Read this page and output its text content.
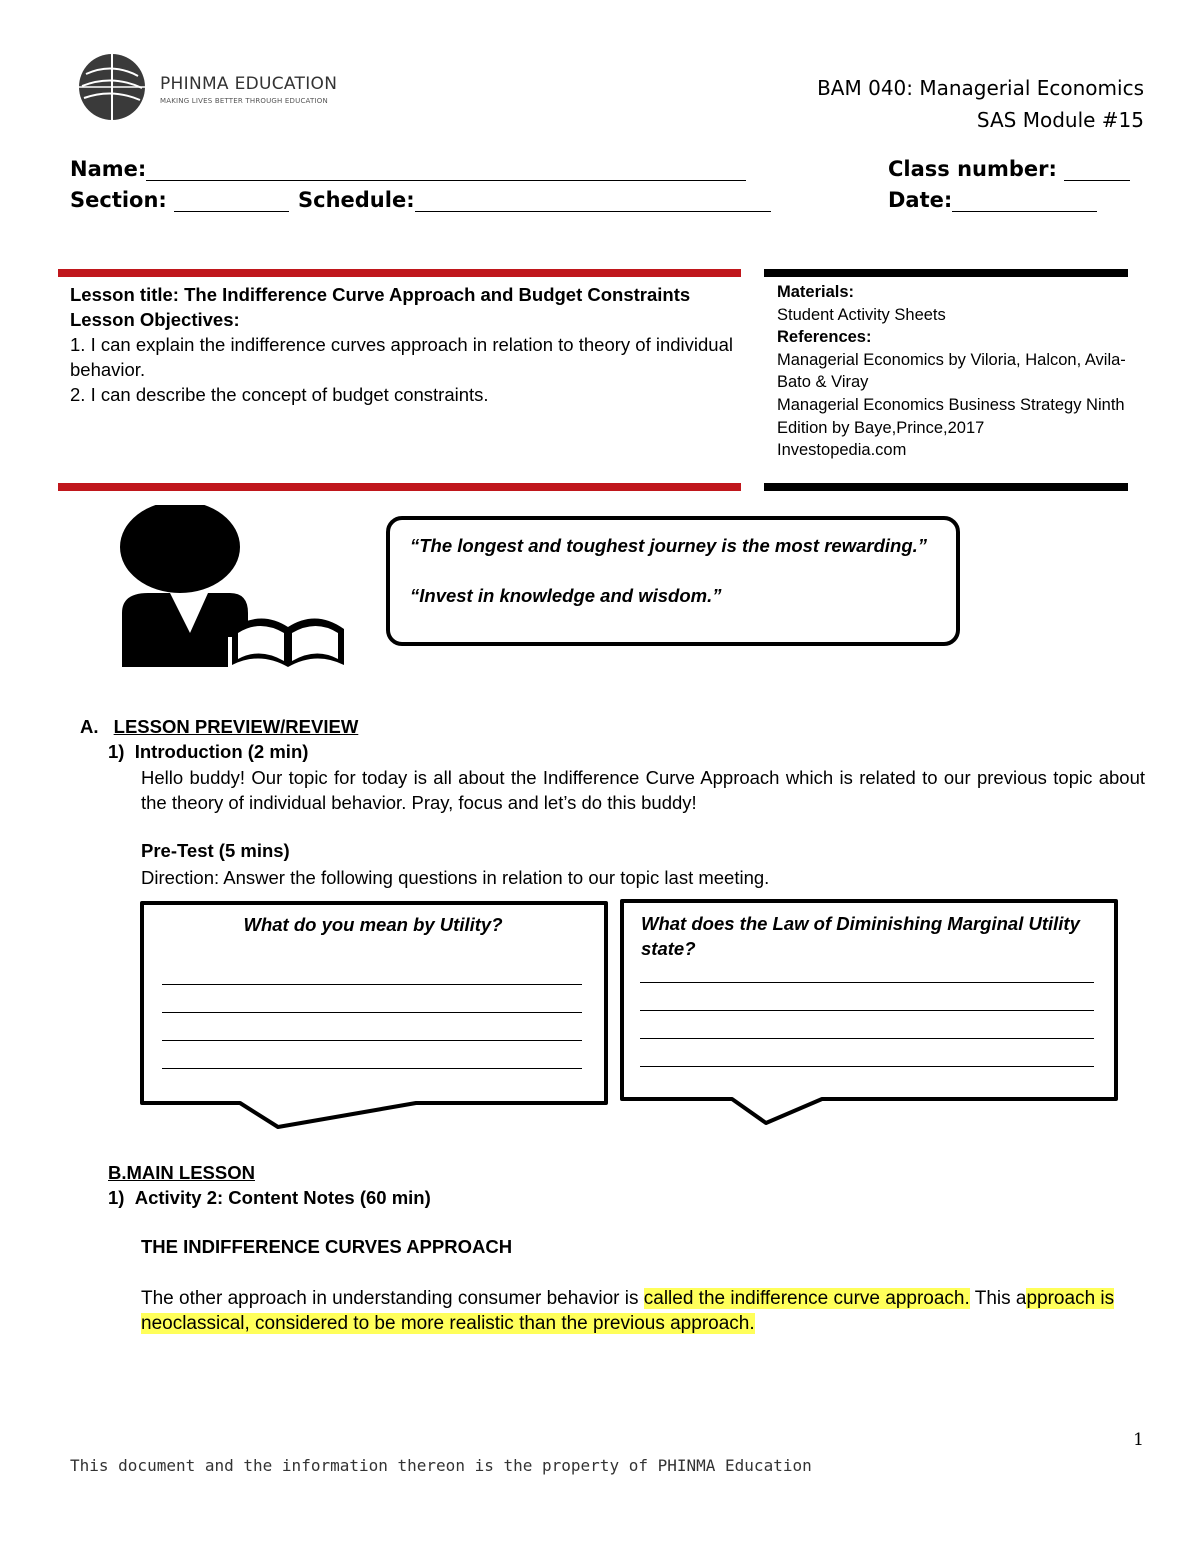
PHINMA EDUCATION
MAKING LIVES BETTER THROUGH EDUCATION
BAM 040: Managerial Economics
SAS Module #15
Name:	Class number:
Section:	Schedule:	Date:
Lesson title: The Indifference Curve Approach and Budget Constraints
Lesson Objectives:
1. I can explain the indifference curves approach in relation to theory of individual behavior.
2. I can describe the concept of budget constraints.
Materials:
Student Activity Sheets
References:
Managerial Economics by Viloria, Halcon, Avila-Bato & Viray
Managerial Economics Business Strategy Ninth Edition by Baye,Prince,2017
Investopedia.com
“The longest and toughest journey is the most rewarding.”
“Invest in knowledge and wisdom.”
A. LESSON PREVIEW/REVIEW
1)  Introduction (2 min)
Hello buddy! Our topic for today is all about the Indifference Curve Approach which is related to our previous topic about the theory of individual behavior. Pray, focus and let’s do this buddy!
Pre-Test (5 mins)
Direction: Answer the following questions in relation to our topic last meeting.
What do you mean by Utility?	What does the Law of Diminishing Marginal Utility state?
B.MAIN LESSON
1)  Activity 2: Content Notes (60 min)
THE INDIFFERENCE CURVES APPROACH
The other approach in understanding consumer behavior is called the indifference curve approach. This approach is neoclassical, considered to be more realistic than the previous approach.
1
This document and the information thereon is the property of PHINMA Education
